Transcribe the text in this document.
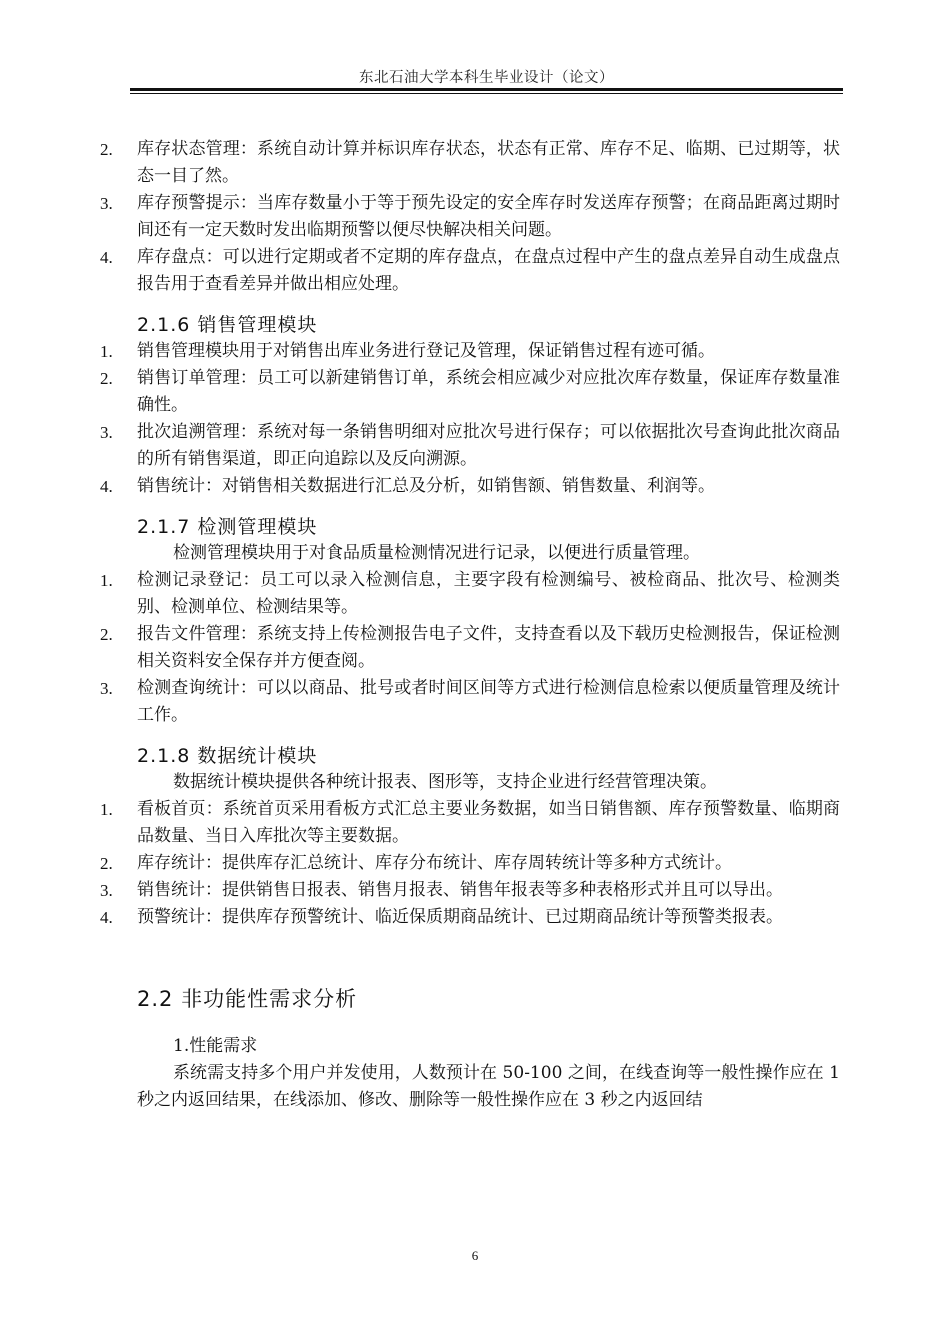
东北石油大学本科生毕业设计（论文）
2.	库存状态管理：系统自动计算并标识库存状态，状态有正常、库存不足、临期、已过期等，状态一目了然。
3.	库存预警提示：当库存数量小于等于预先设定的安全库存时发送库存预警；在商品距离过期时间还有一定天数时发出临期预警以便尽快解决相关问题。
4.	库存盘点：可以进行定期或者不定期的库存盘点，在盘点过程中产生的盘点差异自动生成盘点报告用于查看差异并做出相应处理。
2.1.6 销售管理模块
1.	销售管理模块用于对销售出库业务进行登记及管理，保证销售过程有迹可循。
2.	销售订单管理：员工可以新建销售订单，系统会相应减少对应批次库存数量，保证库存数量准确性。
3.	批次追溯管理：系统对每一条销售明细对应批次号进行保存；可以依据批次号查询此批次商品的所有销售渠道，即正向追踪以及反向溯源。
4.	销售统计：对销售相关数据进行汇总及分析，如销售额、销售数量、利润等。
2.1.7 检测管理模块
检测管理模块用于对食品质量检测情况进行记录，以便进行质量管理。
1.	检测记录登记：员工可以录入检测信息，主要字段有检测编号、被检商品、批次号、检测类别、检测单位、检测结果等。
2.	报告文件管理：系统支持上传检测报告电子文件，支持查看以及下载历史检测报告，保证检测相关资料安全保存并方便查阅。
3.	检测查询统计：可以以商品、批号或者时间区间等方式进行检测信息检索以便质量管理及统计工作。
2.1.8 数据统计模块
数据统计模块提供各种统计报表、图形等，支持企业进行经营管理决策。
1.	看板首页：系统首页采用看板方式汇总主要业务数据，如当日销售额、库存预警数量、临期商品数量、当日入库批次等主要数据。
2.	库存统计：提供库存汇总统计、库存分布统计、库存周转统计等多种方式统计。
3.	销售统计：提供销售日报表、销售月报表、销售年报表等多种表格形式并且可以导出。
4.	预警统计：提供库存预警统计、临近保质期商品统计、已过期商品统计等预警类报表。
2.2 非功能性需求分析
1.性能需求
系统需支持多个用户并发使用，人数预计在 50-100 之间，在线查询等一般性操作应在 1 秒之内返回结果，在线添加、修改、删除等一般性操作应在 3 秒之内返回结
6
